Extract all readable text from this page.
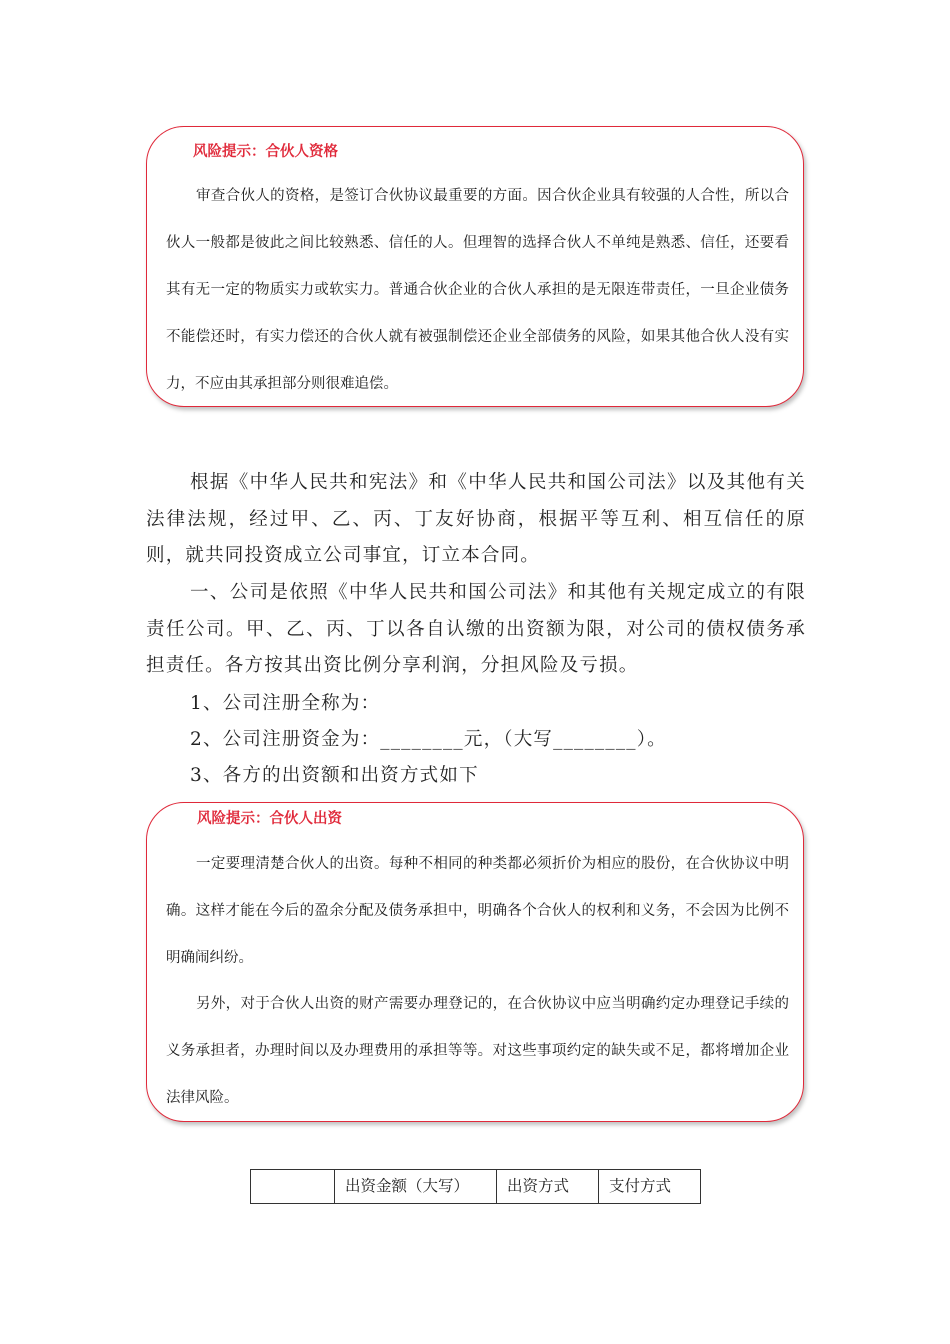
风险提示：合伙人资格

审查合伙人的资格，是签订合伙协议最重要的方面。因合伙企业具有较强的人合性，所以合伙人一般都是彼此之间比较熟悉、信任的人。但理智的选择合伙人不单纯是熟悉、信任，还要看其有无一定的物质实力或软实力。普通合伙企业的合伙人承担的是无限连带责任，一旦企业债务不能偿还时，有实力偿还的合伙人就有被强制偿还企业全部债务的风险，如果其他合伙人没有实力，不应由其承担部分则很难追偿。

根据《中华人民共和宪法》和《中华人民共和国公司法》以及其他有关法律法规，经过甲、乙、丙、丁友好协商，根据平等互利、相互信任的原则，就共同投资成立公司事宜，订立本合同。

一、公司是依照《中华人民共和国公司法》和其他有关规定成立的有限责任公司。甲、乙、丙、丁以各自认缴的出资额为限，对公司的债权债务承担责任。各方按其出资比例分享利润，分担风险及亏损。

1、公司注册全称为：

2、公司注册资金为：________元，（大写________）。

3、各方的出资额和出资方式如下

风险提示：合伙人出资

一定要理清楚合伙人的出资。每种不相同的种类都必须折价为相应的股份，在合伙协议中明确。这样才能在今后的盈余分配及债务承担中，明确各个合伙人的权利和义务，不会因为比例不明确闹纠纷。

另外，对于合伙人出资的财产需要办理登记的，在合伙协议中应当明确约定办理登记手续的义务承担者，办理时间以及办理费用的承担等等。对这些事项约定的缺失或不足，都将增加企业法律风险。

	出资金额（大写）	出资方式	支付方式
